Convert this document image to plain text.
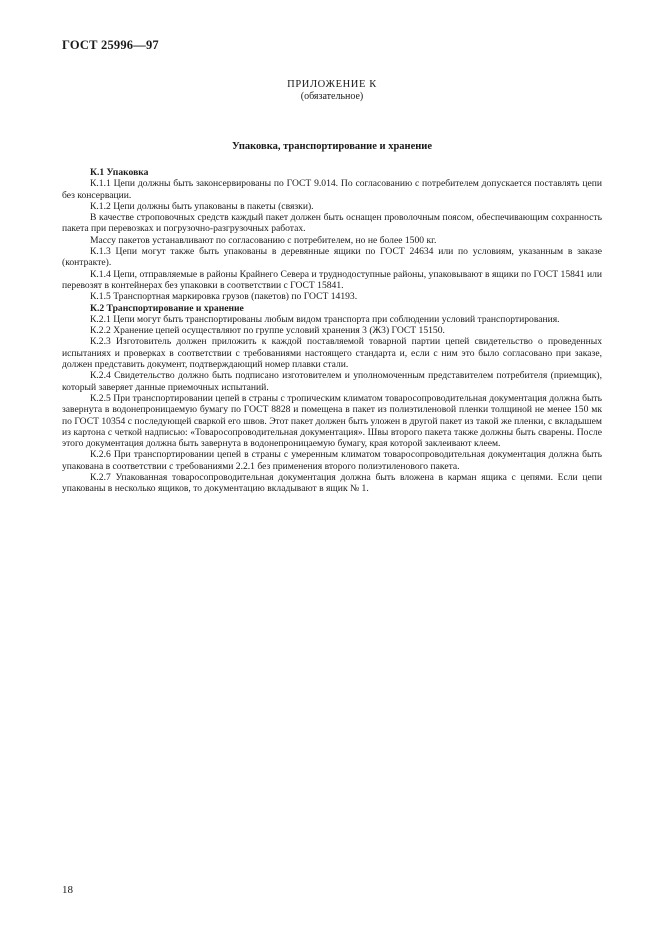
ГОСТ 25996—97
ПРИЛОЖЕНИЕ К
(обязательное)
Упаковка, транспортирование и хранение

К.1 Упаковка

К.1.1 Цепи должны быть законсервированы по ГОСТ 9.014. По согласованию с потребителем допускается поставлять цепи без консервации.

К.1.2 Цепи должны быть упакованы в пакеты (связки).

В качестве строповочных средств каждый пакет должен быть оснащен проволочным поясом, обеспечивающим сохранность пакета при перевозках и погрузочно-разгрузочных работах.

Массу пакетов устанавливают по согласованию с потребителем, но не более 1500 кг.

К.1.3 Цепи могут также быть упакованы в деревянные ящики по ГОСТ 24634 или по условиям, указанным в заказе (контракте).

К.1.4 Цепи, отправляемые в районы Крайнего Севера и труднодоступные районы, упаковывают в ящики по ГОСТ 15841 или перевозят в контейнерах без упаковки в соответствии с ГОСТ 15841.

К.1.5 Транспортная маркировка грузов (пакетов) по ГОСТ 14193.

К.2 Транспортирование и хранение

К.2.1 Цепи могут быть транспортированы любым видом транспорта при соблюдении условий транспортирования.

К.2.2 Хранение цепей осуществляют по группе условий хранения 3 (Ж3) ГОСТ 15150.

К.2.3 Изготовитель должен приложить к каждой поставляемой товарной партии цепей свидетельство о проведенных испытаниях и проверках в соответствии с требованиями настоящего стандарта и, если с ним это было согласовано при заказе, должен представить документ, подтверждающий номер плавки стали.

К.2.4 Свидетельство должно быть подписано изготовителем и уполномоченным представителем потребителя (приемщик), который заверяет данные приемочных испытаний.

К.2.5 При транспортировании цепей в страны с тропическим климатом товаросопроводительная документация должна быть завернута в водонепроницаемую бумагу по ГОСТ 8828 и помещена в пакет из полиэтиленовой пленки толщиной не менее 150 мк по ГОСТ 10354 с последующей сваркой его швов. Этот пакет должен быть уложен в другой пакет из такой же пленки, с вкладышем из картона с четкой надписью: «Товаросопроводительная документация». Швы второго пакета также должны быть сварены. После этого документация должна быть завернута в водонепроницаемую бумагу, края которой заклеивают клеем.

К.2.6 При транспортировании цепей в страны с умеренным климатом товаросопроводительная документация должна быть упакована в соответствии с требованиями 2.2.1 без применения второго полиэтиленового пакета.

К.2.7 Упакованная товаросопроводительная документация должна быть вложена в карман ящика с цепями. Если цепи упакованы в несколько ящиков, то документацию вкладывают в ящик № 1.

18
